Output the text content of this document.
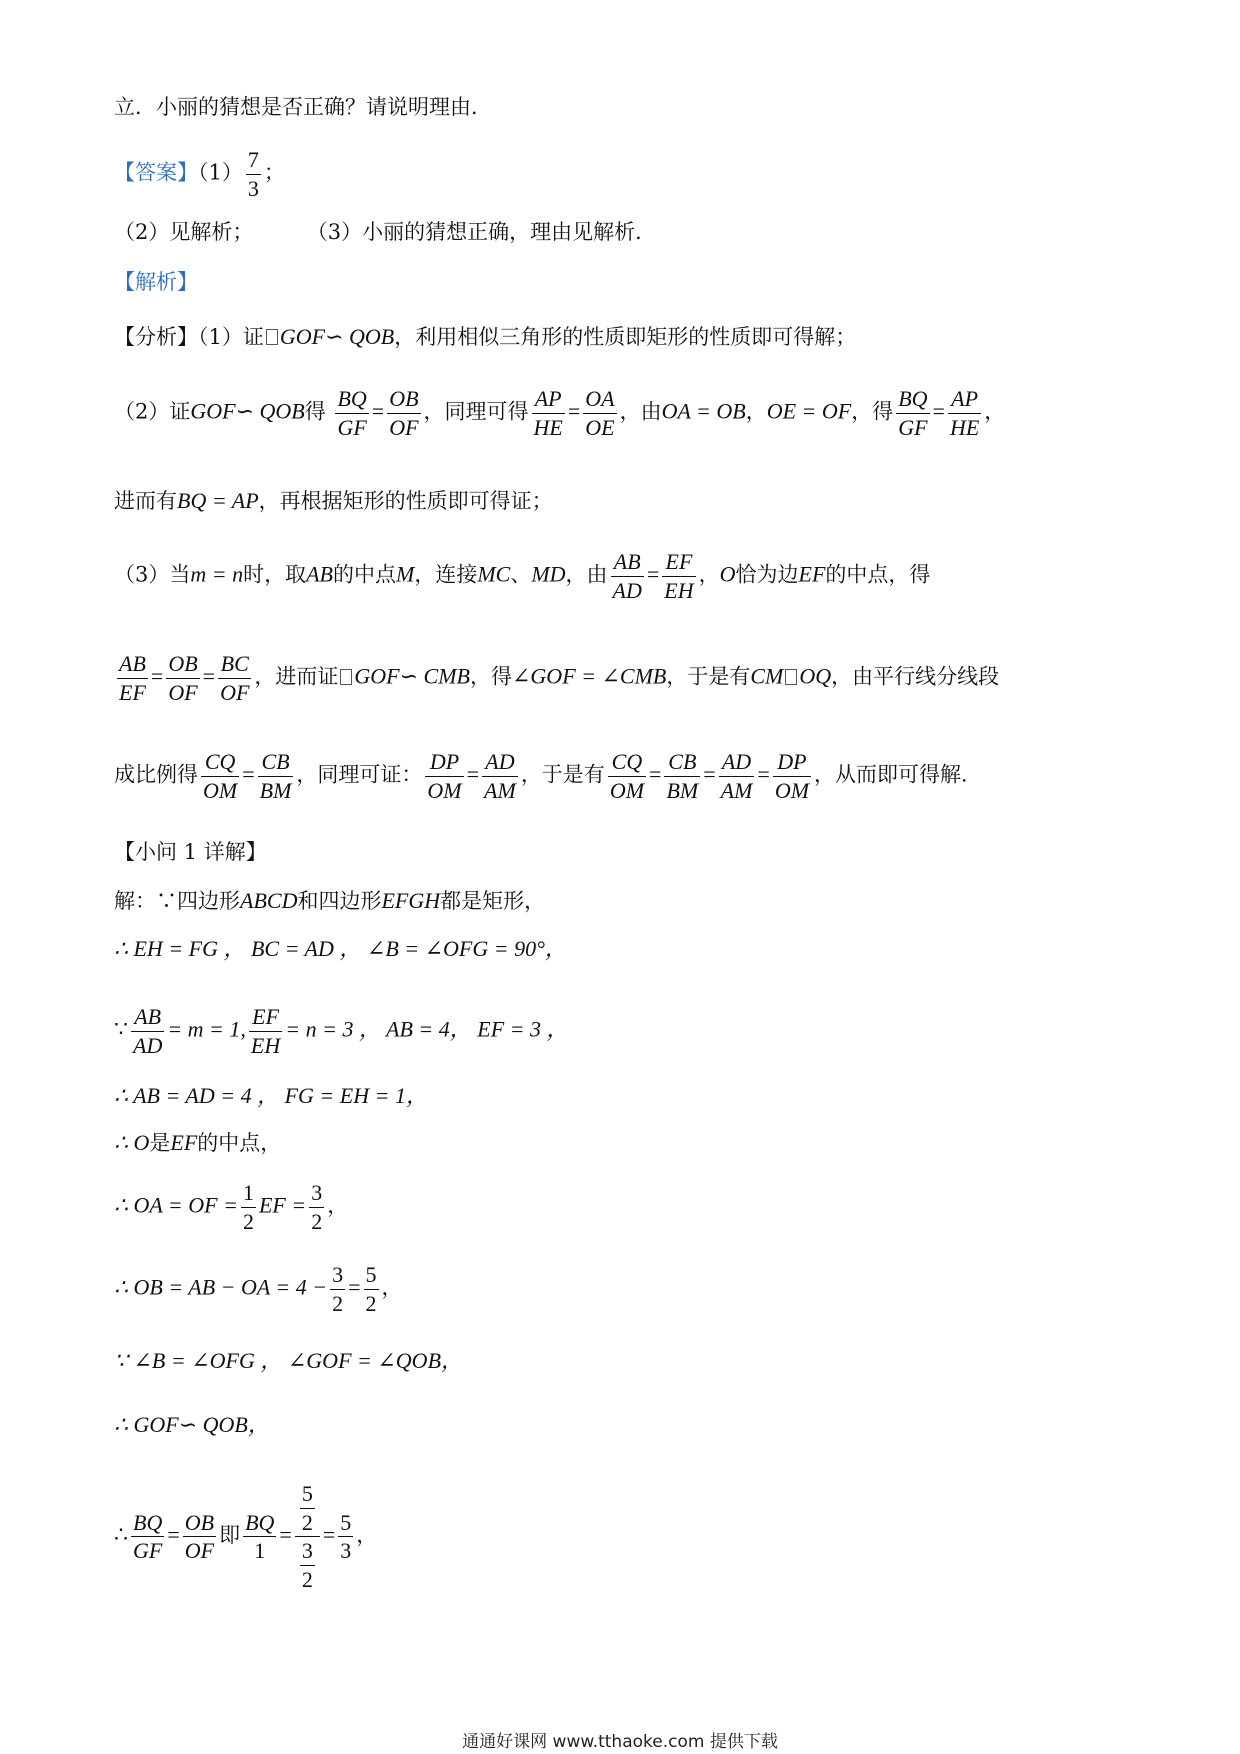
立．小丽的猜想是否正确？请说明理由．
【答案】$(1) \frac{7}{3}$ ；
（2）见解析；        （3）小丽的猜想正确，理由见解析．
【解析】
【分析】（1）证 GOF∽ QOB，利用相似三角形的性质即矩形的性质即可得解；
（2）证GOF∽ QOB得 $\frac{BQ}{GF} = \frac{OB}{OF}$ ，同理可得 $\frac{AP}{HE} = \frac{OA}{OE}$ ，由OA = OB，OE = OF，得 $\frac{BQ}{GF} = \frac{AP}{HE}$ ，
进而有BQ = AP，再根据矩形的性质即可得证；
（3）当m = n时，取AB的中点M，连接MC、MD，由 $\frac{AB}{AD} = \frac{EF}{EH}$ ，O恰为边EF的中点，得
$\frac{AB}{EF} = \frac{OB}{OF} = \frac{BC}{OF}$ ，进而证 GOF∽ CMB，得∠GOF = ∠CMB，于是有CM OQ，由平行线分线段
成比例得 $\frac{CQ}{OM} = \frac{CB}{BM}$ ，同理可证： $\frac{DP}{OM} = \frac{AD}{AM}$ ，于是有 $\frac{CQ}{OM} = \frac{CB}{BM} = \frac{AD}{AM} = \frac{DP}{OM}$ ，从而即可得解．
【小问 1 详解】
解：∵四边形ABCD和四边形EFGH都是矩形，
∴ EH = FG ， BC = AD ， ∠B = ∠OFG = 90°，
∵ $\frac{AB}{AD} = m = 1$, $\frac{EF}{EH} = n = 3$ ， AB = 4， EF = 3 ，
∴ AB = AD = 4 ， FG = EH = 1，
∴ O是EF的中点，
∴ OA = OF = $\frac{1}{2}$ EF = $\frac{3}{2}$ ，
∴ OB = AB − OA = $4 - \frac{3}{2} = \frac{5}{2}$ ，
∵ ∠B = ∠OFG ， ∠GOF = ∠QOB，
∴ GOF∽ QOB，
∴ $\frac{BQ}{GF} = \frac{OB}{OF}$ 即 $\frac{BQ}{1} = \frac{\frac{5}{2}}{\frac{3}{2}} = \frac{5}{3}$ ，
通通好课网 www.tthaoke.com 提供下载
